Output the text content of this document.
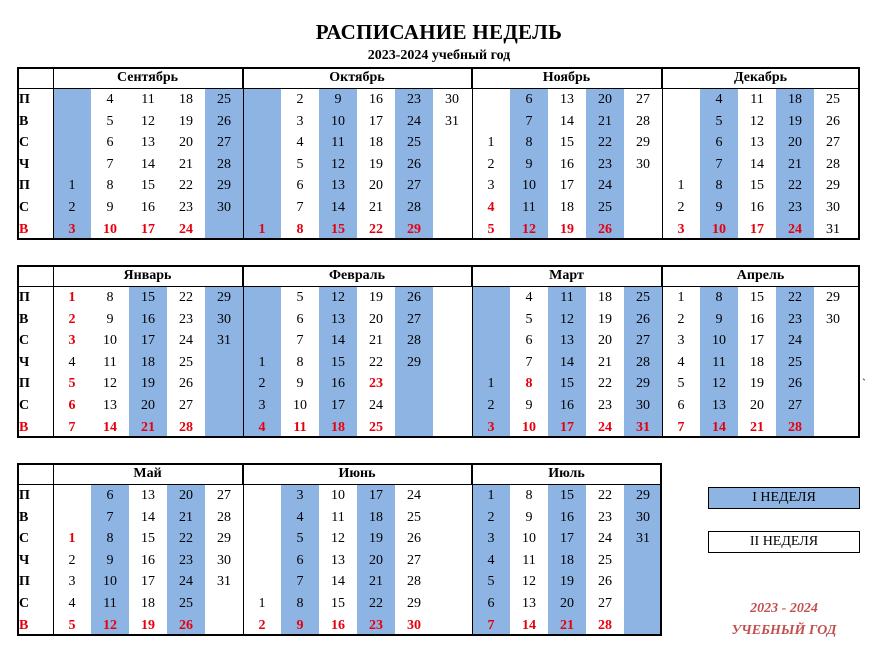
РАСПИСАНИЕ НЕДЕЛЬ
2023-2024 учебный год
П
В
С
Ч
П
С
В
Сентябрь
1
2
3
4
5
6
7
8
9
10
11
12
13
14
15
16
17
18
19
20
21
22
23
24
25
26
27
28
29
30
Октябрь
1
2
3
4
5
6
7
8
9
10
11
12
13
14
15
16
17
18
19
20
21
22
23
24
25
26
27
28
29
30
31
Ноябрь
1
2
3
4
5
6
7
8
9
10
11
12
13
14
15
16
17
18
19
20
21
22
23
24
25
26
27
28
29
30
Декабрь
1
2
3
4
5
6
7
8
9
10
11
12
13
14
15
16
17
18
19
20
21
22
23
24
25
26
27
28
29
30
31
П
В
С
Ч
П
С
В
Январь
1
2
3
4
5
6
7
8
9
10
11
12
13
14
15
16
17
18
19
20
21
22
23
24
25
26
27
28
29
30
31
Февраль
1
2
3
4
5
6
7
8
9
10
11
12
13
14
15
16
17
18
19
20
21
22
23
24
25
26
27
28
29
Март
1
2
3
4
5
6
7
8
9
10
11
12
13
14
15
16
17
18
19
20
21
22
23
24
25
26
27
28
29
30
31
Апрель
1
2
3
4
5
6
7
8
9
10
11
12
13
14
15
16
17
18
19
20
21
22
23
24
25
26
27
28
29
30
П
В
С
Ч
П
С
В
Май
1
2
3
4
5
6
7
8
9
10
11
12
13
14
15
16
17
18
19
20
21
22
23
24
25
26
27
28
29
30
31
Июнь
1
2
3
4
5
6
7
8
9
10
11
12
13
14
15
16
17
18
19
20
21
22
23
24
25
26
27
28
29
30
Июль
1
2
3
4
5
6
7
8
9
10
11
12
13
14
15
16
17
18
19
20
21
22
23
24
25
26
27
28
29
30
31
I НЕДЕЛЯ
II НЕДЕЛЯ
2023 - 2024
УЧЕБНЫЙ ГОД
`
